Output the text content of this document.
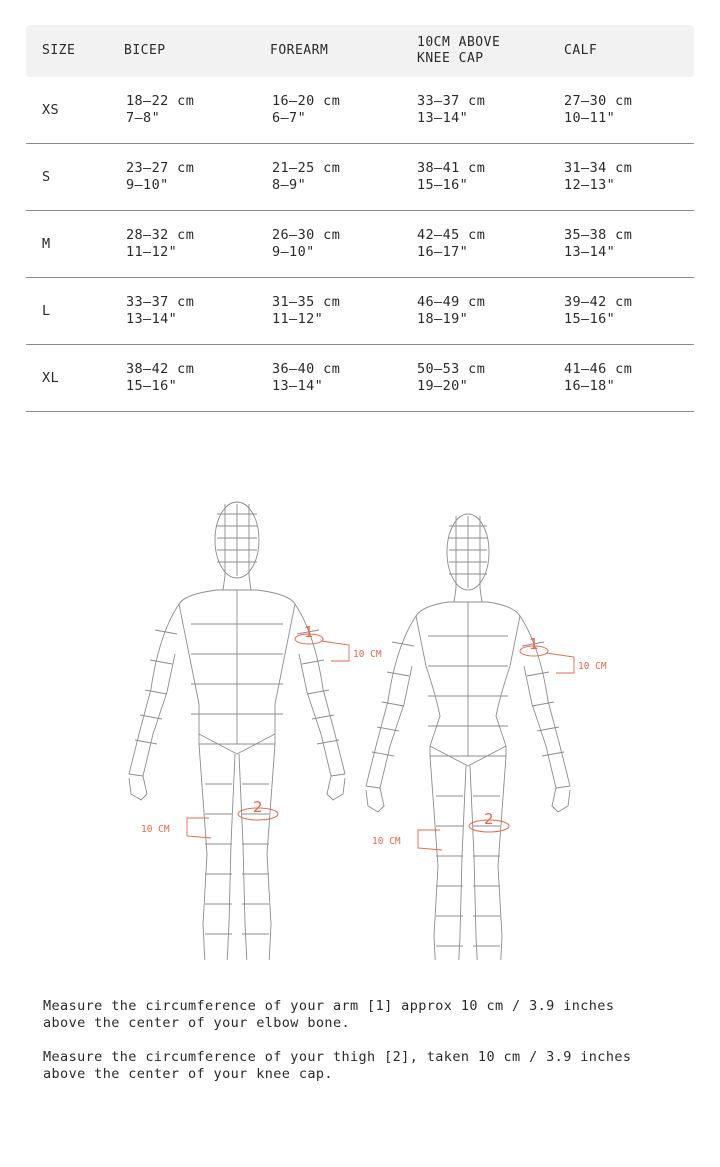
SIZE	BICEP	FOREARM
10CM ABOVE
KNEE CAP
CALF
XS
18–22 cm
7–8"
16–20 cm
6–7"
33–37 cm
13–14"
27–30 cm
10–11"
S
23–27 cm
9–10"
21–25 cm
8–9"
38–41 cm
15–16"
31–34 cm
12–13"
M
28–32 cm
11–12"
26–30 cm
9–10"
42–45 cm
16–17"
35–38 cm
13–14"
L
33–37 cm
13–14"
31–35 cm
11–12"
46–49 cm
18–19"
39–42 cm
15–16"
XL
38–42 cm
15–16"
36–40 cm
13–14"
50–53 cm
19–20"
41–46 cm
16–18"
1
10 CM
2
10 CM
1
10 CM
2
10 CM

Measure the circumference of your arm [1] approx 10 cm / 3.9 inches
above the center of your elbow bone.

Measure the circumference of your thigh [2], taken 10 cm / 3.9 inches
above the center of your knee cap.
